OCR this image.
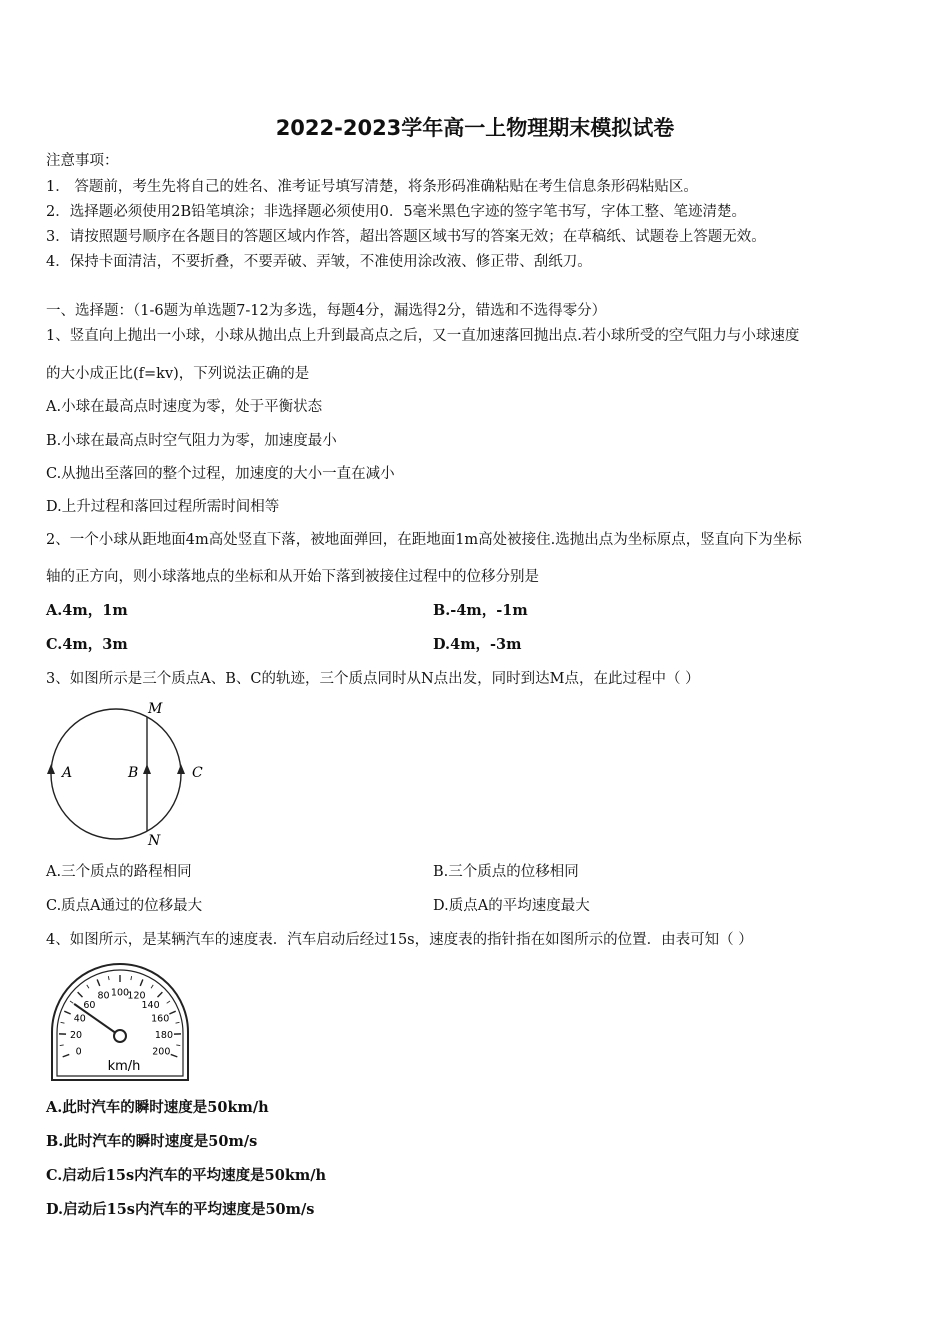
2022-2023学年高一上物理期末模拟试卷
注意事项：
1． 答题前，考生先将自己的姓名、准考证号填写清楚，将条形码准确粘贴在考生信息条形码粘贴区。
2．选择题必须使用2B铅笔填涂；非选择题必须使用0．5毫米黑色字迹的签字笔书写，字体工整、笔迹清楚。
3．请按照题号顺序在各题目的答题区域内作答，超出答题区域书写的答案无效；在草稿纸、试题卷上答题无效。
4．保持卡面清洁，不要折叠，不要弄破、弄皱，不准使用涂改液、修正带、刮纸刀。
一、选择题：（1-6题为单选题7-12为多选，每题4分，漏选得2分，错选和不选得零分）
1、竖直向上抛出一小球，小球从抛出点上升到最高点之后，又一直加速落回抛出点.若小球所受的空气阻力与小球速度
的大小成正比(f=kv)，下列说法正确的是
A.小球在最高点时速度为零，处于平衡状态
B.小球在最高点时空气阻力为零，加速度最小
C.从抛出至落回的整个过程，加速度的大小一直在减小
D.上升过程和落回过程所需时间相等
2、一个小球从距地面4m高处竖直下落，被地面弹回，在距地面1m高处被接住.选抛出点为坐标原点，竖直向下为坐标
轴的正方向，则小球落地点的坐标和从开始下落到被接住过程中的位移分别是
A.4m，1m	B.-4m，-1m
C.4m，3m	D.4m，-3m
3、如图所示是三个质点A、B、C的轨迹，三个质点同时从N点出发，同时到达M点，在此过程中（ ）
M
N
A	B	C
A.三个质点的路程相同	B.三个质点的位移相同
C.质点A通过的位移最大	D.质点A的平均速度最大
4、如图所示，是某辆汽车的速度表．汽车启动后经过15s，速度表的指针指在如图所示的位置．由表可知（ ）
0
20
40
60
80 100
120
140
160
180
200
km/h
A.此时汽车的瞬时速度是50km/h
B.此时汽车的瞬时速度是50m/s
C.启动后15s内汽车的平均速度是50km/h
D.启动后15s内汽车的平均速度是50m/s
